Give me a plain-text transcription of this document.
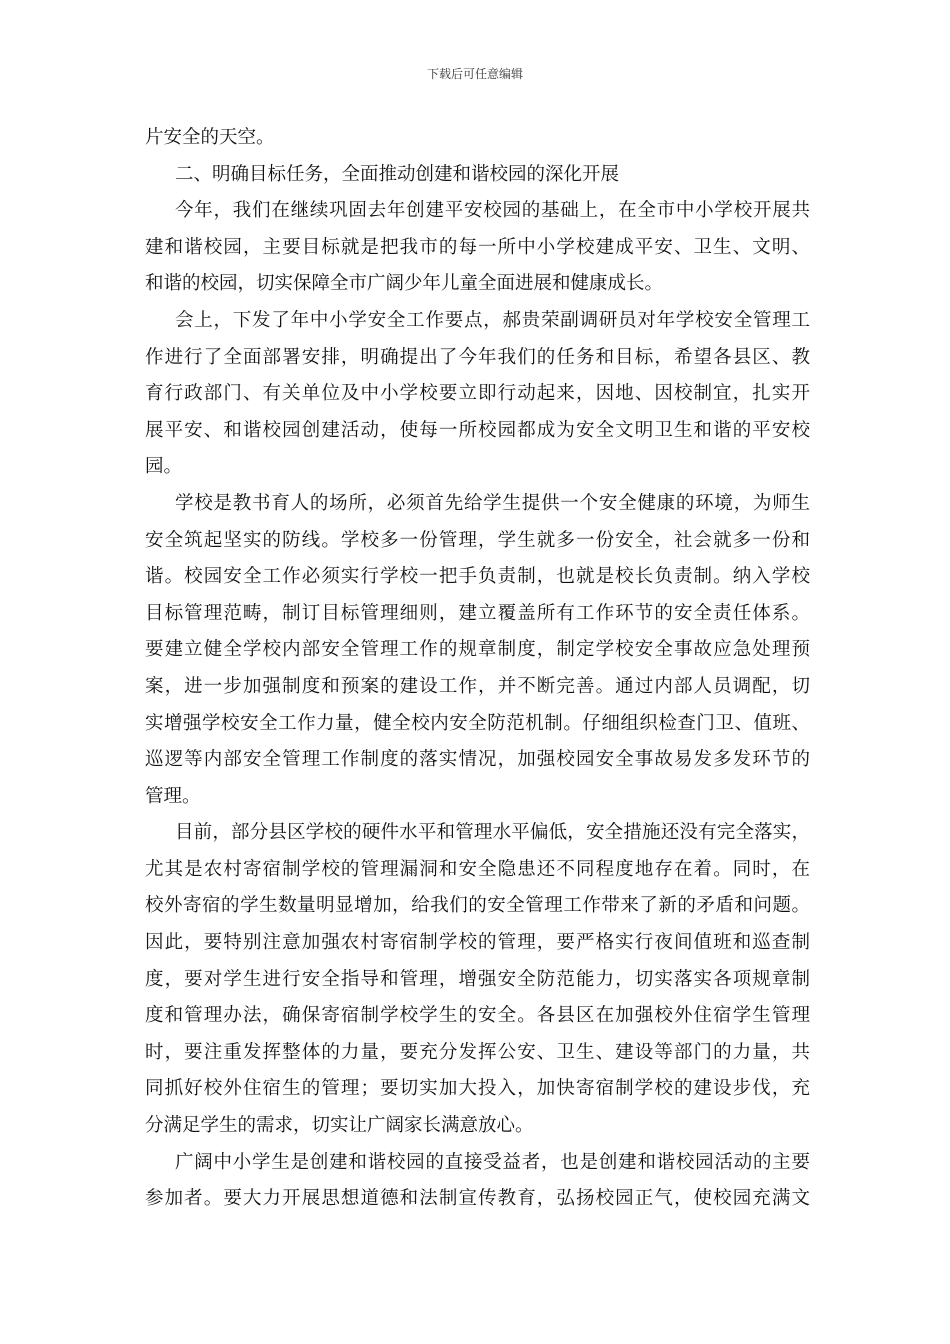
下载后可任意编辑
片安全的天空。
二、明确目标任务，全面推动创建和谐校园的深化开展
今年，我们在继续巩固去年创建平安校园的基础上，在全市中小学校开展共
建和谐校园，主要目标就是把我市的每一所中小学校建成平安、卫生、文明、
和谐的校园，切实保障全市广阔少年儿童全面进展和健康成长。
会上，下发了年中小学安全工作要点，郝贵荣副调研员对年学校安全管理工
作进行了全面部署安排，明确提出了今年我们的任务和目标，希望各县区、教
育行政部门、有关单位及中小学校要立即行动起来，因地、因校制宜，扎实开
展平安、和谐校园创建活动，使每一所校园都成为安全文明卫生和谐的平安校
园。
学校是教书育人的场所，必须首先给学生提供一个安全健康的环境，为师生
安全筑起坚实的防线。学校多一份管理，学生就多一份安全，社会就多一份和
谐。校园安全工作必须实行学校一把手负责制，也就是校长负责制。纳入学校
目标管理范畴，制订目标管理细则，建立覆盖所有工作环节的安全责任体系。
要建立健全学校内部安全管理工作的规章制度，制定学校安全事故应急处理预
案，进一步加强制度和预案的建设工作，并不断完善。通过内部人员调配，切
实增强学校安全工作力量，健全校内安全防范机制。仔细组织检查门卫、值班、
巡逻等内部安全管理工作制度的落实情况，加强校园安全事故易发多发环节的
管理。
目前，部分县区学校的硬件水平和管理水平偏低，安全措施还没有完全落实，
尤其是农村寄宿制学校的管理漏洞和安全隐患还不同程度地存在着。同时，在
校外寄宿的学生数量明显增加，给我们的安全管理工作带来了新的矛盾和问题。
因此，要特别注意加强农村寄宿制学校的管理，要严格实行夜间值班和巡查制
度，要对学生进行安全指导和管理，增强安全防范能力，切实落实各项规章制
度和管理办法，确保寄宿制学校学生的安全。各县区在加强校外住宿学生管理
时，要注重发挥整体的力量，要充分发挥公安、卫生、建设等部门的力量，共
同抓好校外住宿生的管理；要切实加大投入，加快寄宿制学校的建设步伐，充
分满足学生的需求，切实让广阔家长满意放心。
广阔中小学生是创建和谐校园的直接受益者，也是创建和谐校园活动的主要
参加者。要大力开展思想道德和法制宣传教育，弘扬校园正气，使校园充满文
